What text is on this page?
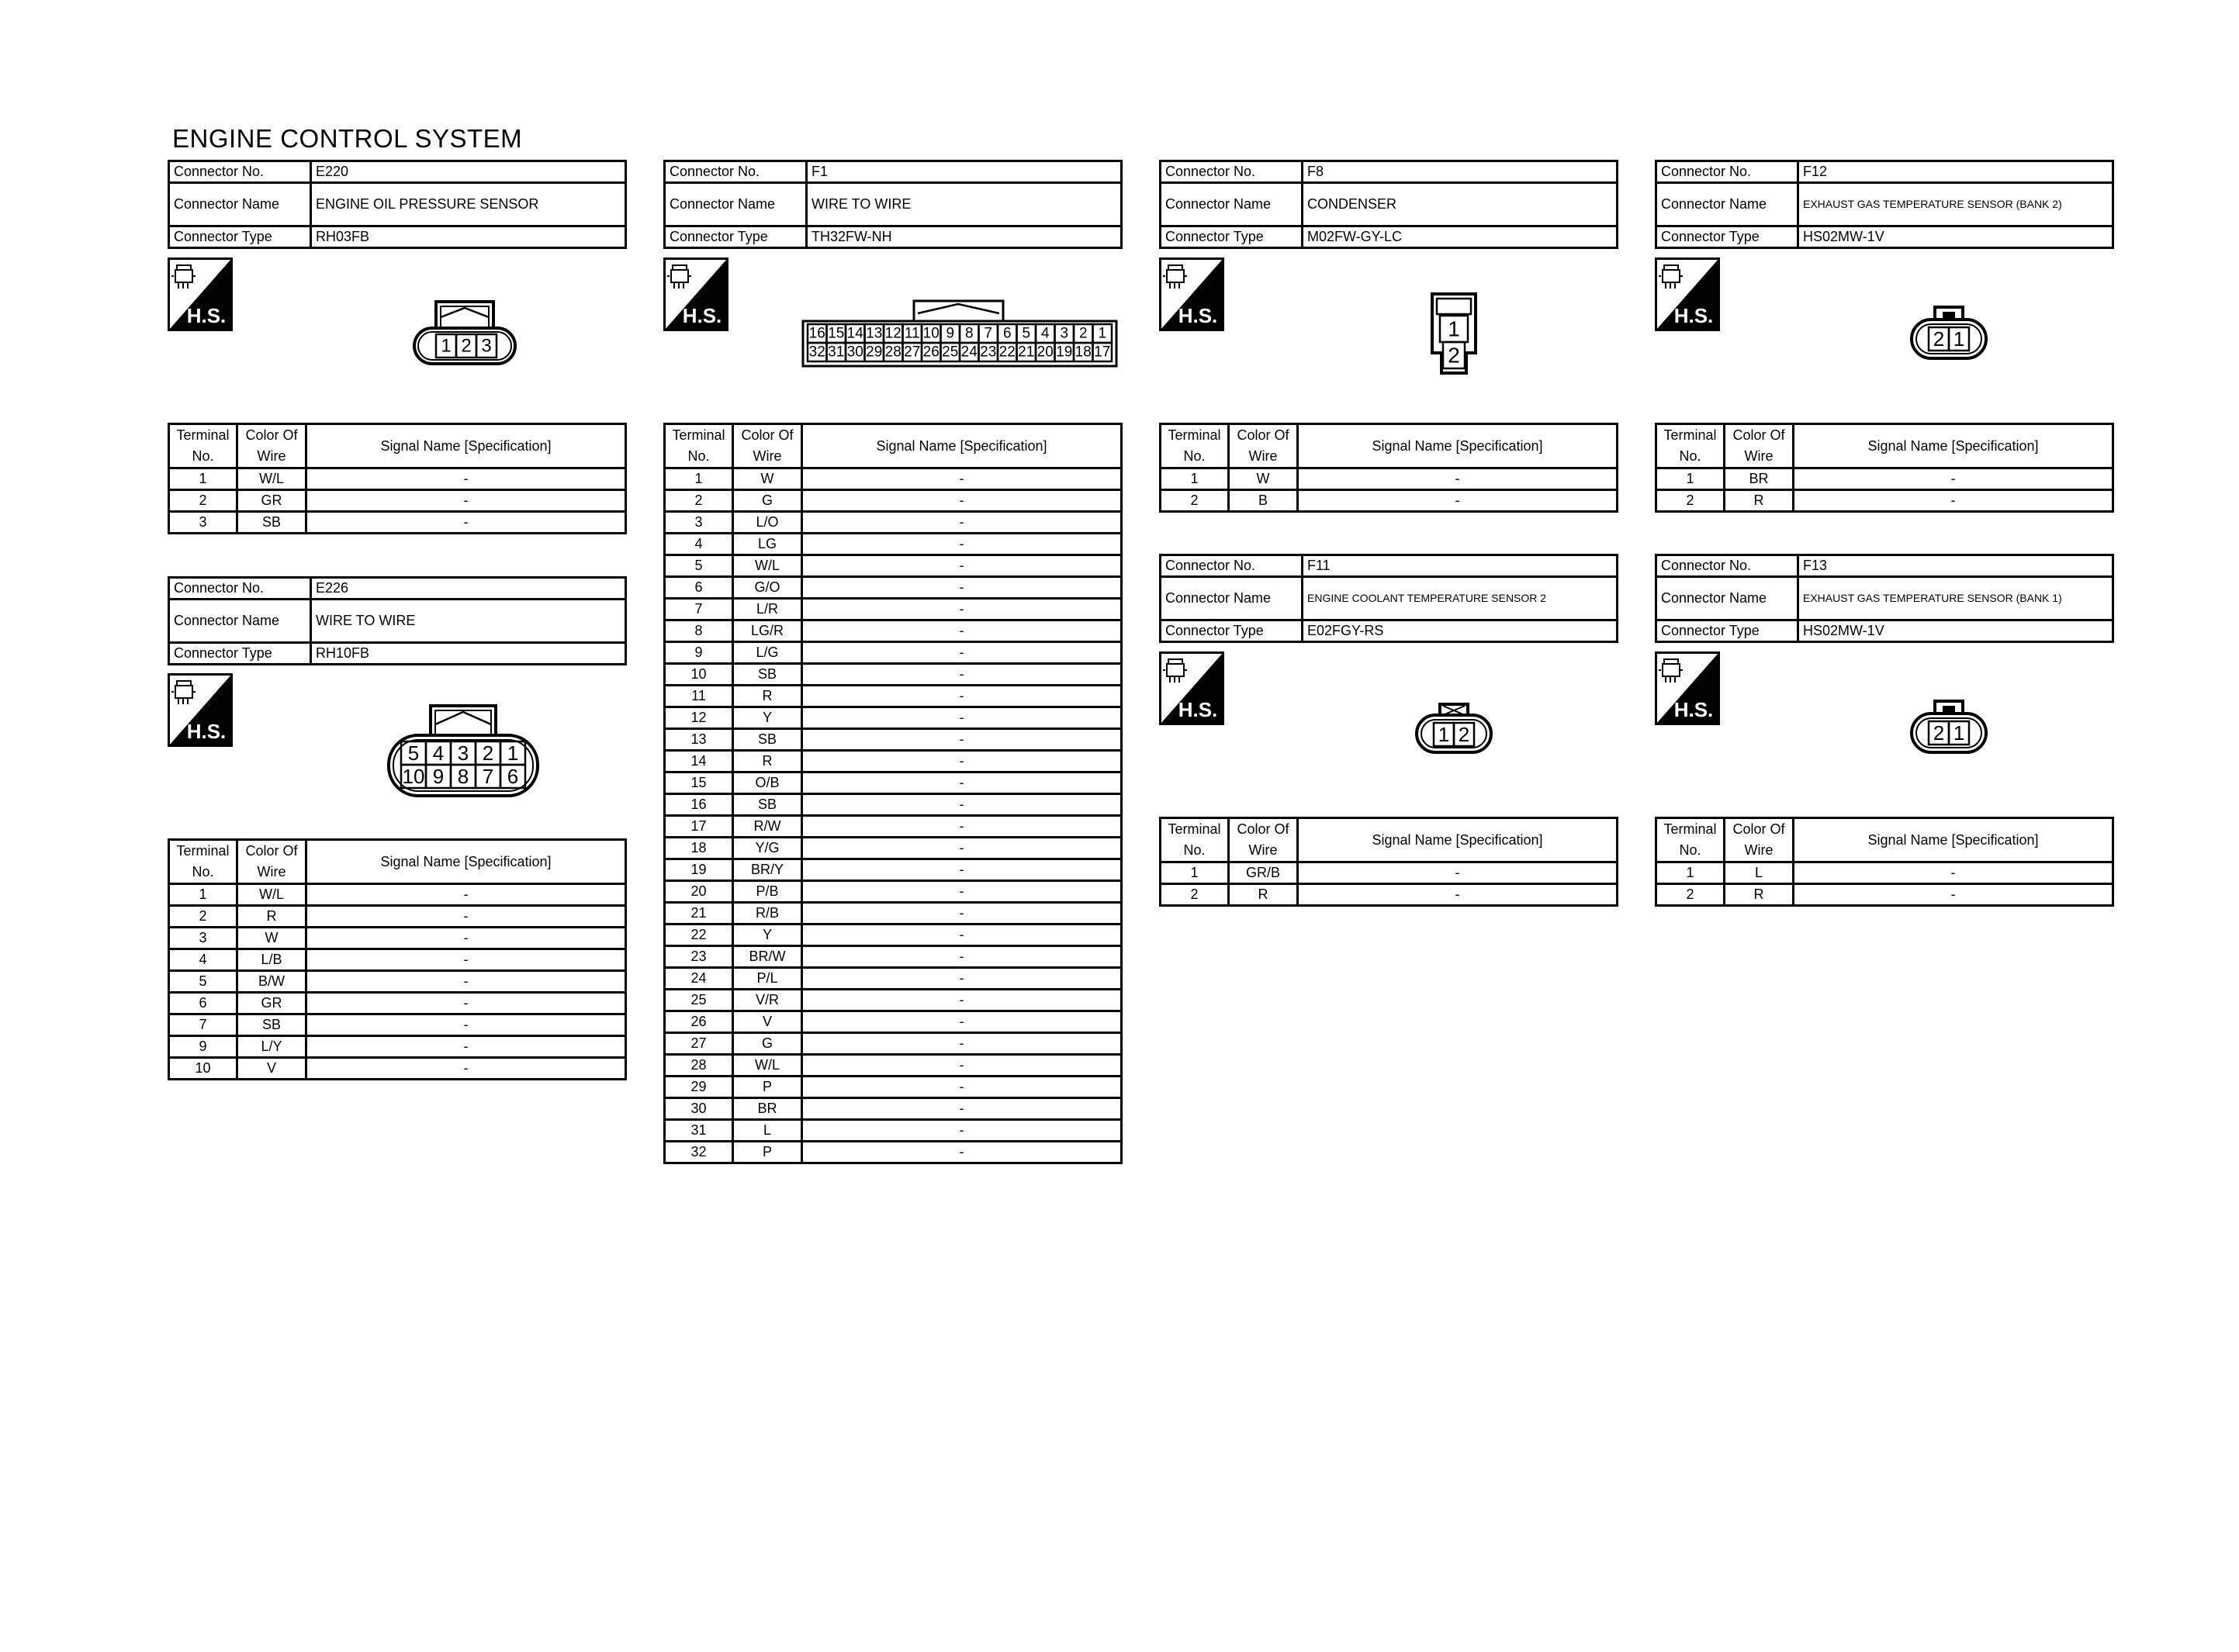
ENGINE CONTROL SYSTEM
Connector No.	E220
Connector Name	ENGINE OIL PRESSURE SENSOR
Connector Type	RH03FB
H.S.
1 2 3
Terminal No.	Color Of Wire	Signal Name [Specification]
1	W/L	-
2	GR	-
3	SB	-
Connector No.	E226
Connector Name	WIRE TO WIRE
Connector Type	RH10FB
H.S.
5 4 3 2 1
10 9 8 7 6
Terminal No.	Color Of Wire	Signal Name [Specification]
1	W/L	-
2	R	-
3	W	-
4	L/B	-
5	B/W	-
6	GR	-
7	SB	-
9	L/Y	-
10	V	-
Connector No.	F1
Connector Name	WIRE TO WIRE
Connector Type	TH32FW-NH
H.S.
16 15 14 13 12 11 10 9 8 7 6 5 4 3 2 1
32 31 30 29 28 27 26 25 24 23 22 21 20 19 18 17
Terminal No.	Color Of Wire	Signal Name [Specification]
1	W	-
2	G	-
3	L/O	-
4	LG	-
5	W/L	-
6	G/O	-
7	L/R	-
8	LG/R	-
9	L/G	-
10	SB	-
11	R	-
12	Y	-
13	SB	-
14	R	-
15	O/B	-
16	SB	-
17	R/W	-
18	Y/G	-
19	BR/Y	-
20	P/B	-
21	R/B	-
22	Y	-
23	BR/W	-
24	P/L	-
25	V/R	-
26	V	-
27	G	-
28	W/L	-
29	P	-
30	BR	-
31	L	-
32	P	-
Connector No.	F8
Connector Name	CONDENSER
Connector Type	M02FW-GY-LC
H.S.
1
2
Terminal No.	Color Of Wire	Signal Name [Specification]
1	W	-
2	B	-
Connector No.	F11
Connector Name	ENGINE COOLANT TEMPERATURE SENSOR 2
Connector Type	E02FGY-RS
H.S.
1 2
Terminal No.	Color Of Wire	Signal Name [Specification]
1	GR/B	-
2	R	-
Connector No.	F12
Connector Name	EXHAUST GAS TEMPERATURE SENSOR (BANK 2)
Connector Type	HS02MW-1V
H.S.
2 1
Terminal No.	Color Of Wire	Signal Name [Specification]
1	BR	-
2	R	-
Connector No.	F13
Connector Name	EXHAUST GAS TEMPERATURE SENSOR (BANK 1)
Connector Type	HS02MW-1V
H.S.
2 1
Terminal No.	Color Of Wire	Signal Name [Specification]
1	L	-
2	R	-
